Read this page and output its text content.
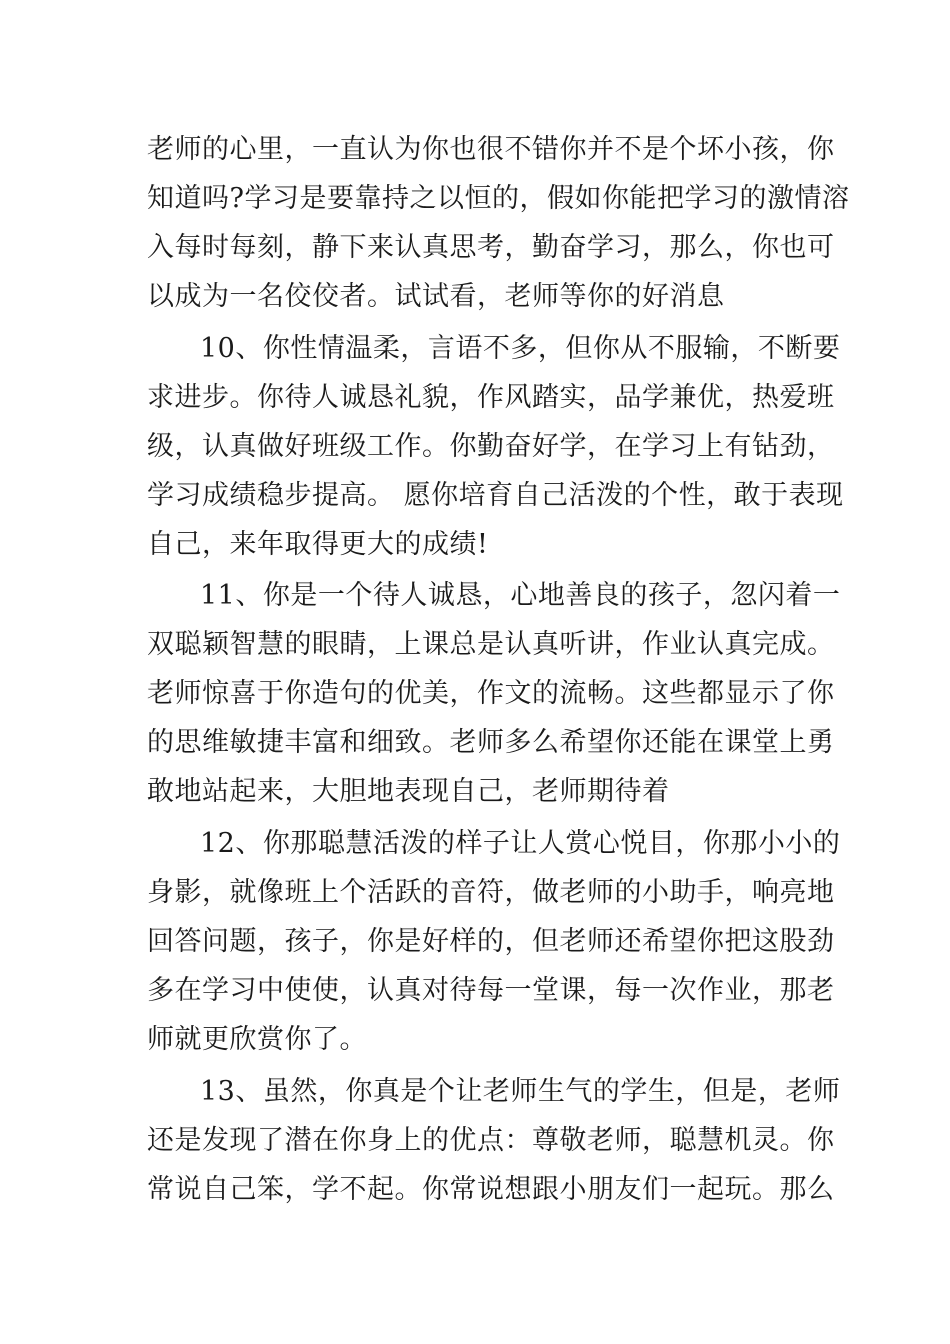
老师的心里，一直认为你也很不错你并不是个坏小孩，你
知道吗?学习是要靠持之以恒的，假如你能把学习的激情溶
入每时每刻，静下来认真思考，勤奋学习，那么，你也可
以成为一名佼佼者。试试看，老师等你的好消息
10、你性情温柔，言语不多，但你从不服输，不断要
求进步。你待人诚恳礼貌，作风踏实，品学兼优，热爱班
级，认真做好班级工作。你勤奋好学，在学习上有钻劲，
学习成绩稳步提高。 愿你培育自己活泼的个性，敢于表现
自己，来年取得更大的成绩!
11、你是一个待人诚恳，心地善良的孩子，忽闪着一
双聪颖智慧的眼睛，上课总是认真听讲，作业认真完成。
老师惊喜于你造句的优美，作文的流畅。这些都显示了你
的思维敏捷丰富和细致。老师多么希望你还能在课堂上勇
敢地站起来，大胆地表现自己，老师期待着
12、你那聪慧活泼的样子让人赏心悦目，你那小小的
身影，就像班上个活跃的音符，做老师的小助手，响亮地
回答问题，孩子，你是好样的，但老师还希望你把这股劲
多在学习中使使，认真对待每一堂课，每一次作业，那老
师就更欣赏你了。
13、虽然，你真是个让老师生气的学生，但是，老师
还是发现了潜在你身上的优点：尊敬老师，聪慧机灵。你
常说自己笨，学不起。你常说想跟小朋友们一起玩。那么
